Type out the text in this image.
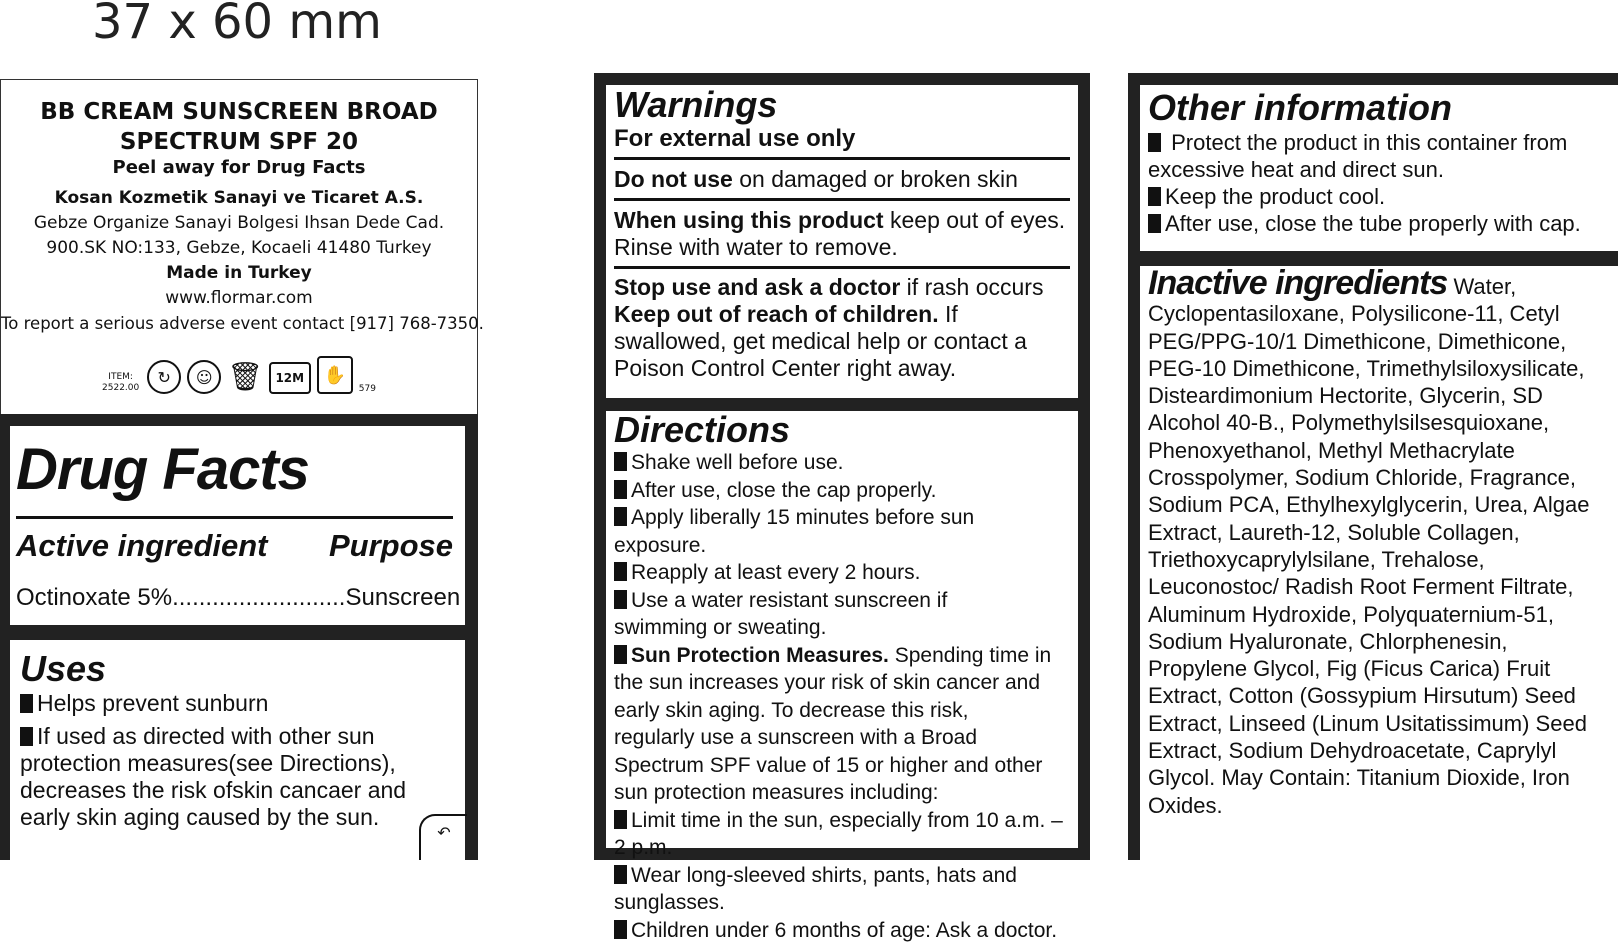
37 x 60 mm
BB CREAM SUNSCREEN BROAD
SPECTRUM SPF 20
Peel away for Drug Facts
Kosan Kozmetik Sanayi ve Ticaret A.S.
Gebze Organize Sanayi Bolgesi Ihsan Dede Cad.
900.SK NO:133, Gebze, Kocaeli 41480 Turkey
Made in Turkey
www.flormar.com
To report a serious adverse event contact [917] 768-7350.
ITEM:
2522.00
↻	☺ 🗑 12M	✋
579
Drug Facts
Active ingredient Purpose
Octinoxate 5%..........................Sunscreen
Uses
Helps prevent sunburn
If used as directed with other sun protection measures(see Directions), decreases the risk ofskin cancaer and early skin aging caused by the sun.
↶
Warnings
For external use only
Do not use on damaged or broken skin
When using this product keep out of eyes. Rinse with water to remove.
Stop use and ask a doctor if rash occurs
Keep out of reach of children. If swallowed, get medical help or contact a Poison Control Center right away.
Directions
Shake well before use.
After use, close the cap properly.
Apply liberally 15 minutes before sun exposure.
Reapply at least every 2 hours.
Use a water resistant sunscreen if swimming or sweating.
Sun Protection Measures. Spending time in the sun increases your risk of skin cancer and early skin aging. To decrease this risk, regularly use a sunscreen with a Broad Spectrum SPF value of 15 or higher and other sun protection measures including:
Limit time in the sun, especially from 10 a.m. – 2 p.m.
Wear long-sleeved shirts, pants, hats and sunglasses.
Children under 6 months of age: Ask a doctor.
Other information
Protect the product in this container from excessive heat and direct sun.
Keep the product cool.
After use, close the tube properly with cap.
Inactive ingredients Water, Cyclopentasiloxane, Polysilicone-11, Cetyl PEG/PPG-10/1 Dimethicone, Dimethicone, PEG-10 Dimethicone, Trimethylsiloxysilicate, Disteardimonium Hectorite, Glycerin, SD Alcohol 40-B., Polymethylsilsesquioxane, Phenoxyethanol, Methyl Methacrylate Crosspolymer, Sodium Chloride, Fragrance, Sodium PCA, Ethylhexylglycerin, Urea, Algae Extract, Laureth-12, Soluble Collagen, Triethoxycaprylylsilane, Trehalose, Leuconostoc/ Radish Root Ferment Filtrate, Aluminum Hydroxide, Polyquaternium-51, Sodium Hyaluronate, Chlorphenesin, Propylene Glycol, Fig (Ficus Carica) Fruit Extract, Cotton (Gossypium Hirsutum) Seed Extract, Linseed (Linum Usitatissimum) Seed Extract, Sodium Dehydroacetate, Caprylyl Glycol. May Contain: Titanium Dioxide, Iron Oxides.
